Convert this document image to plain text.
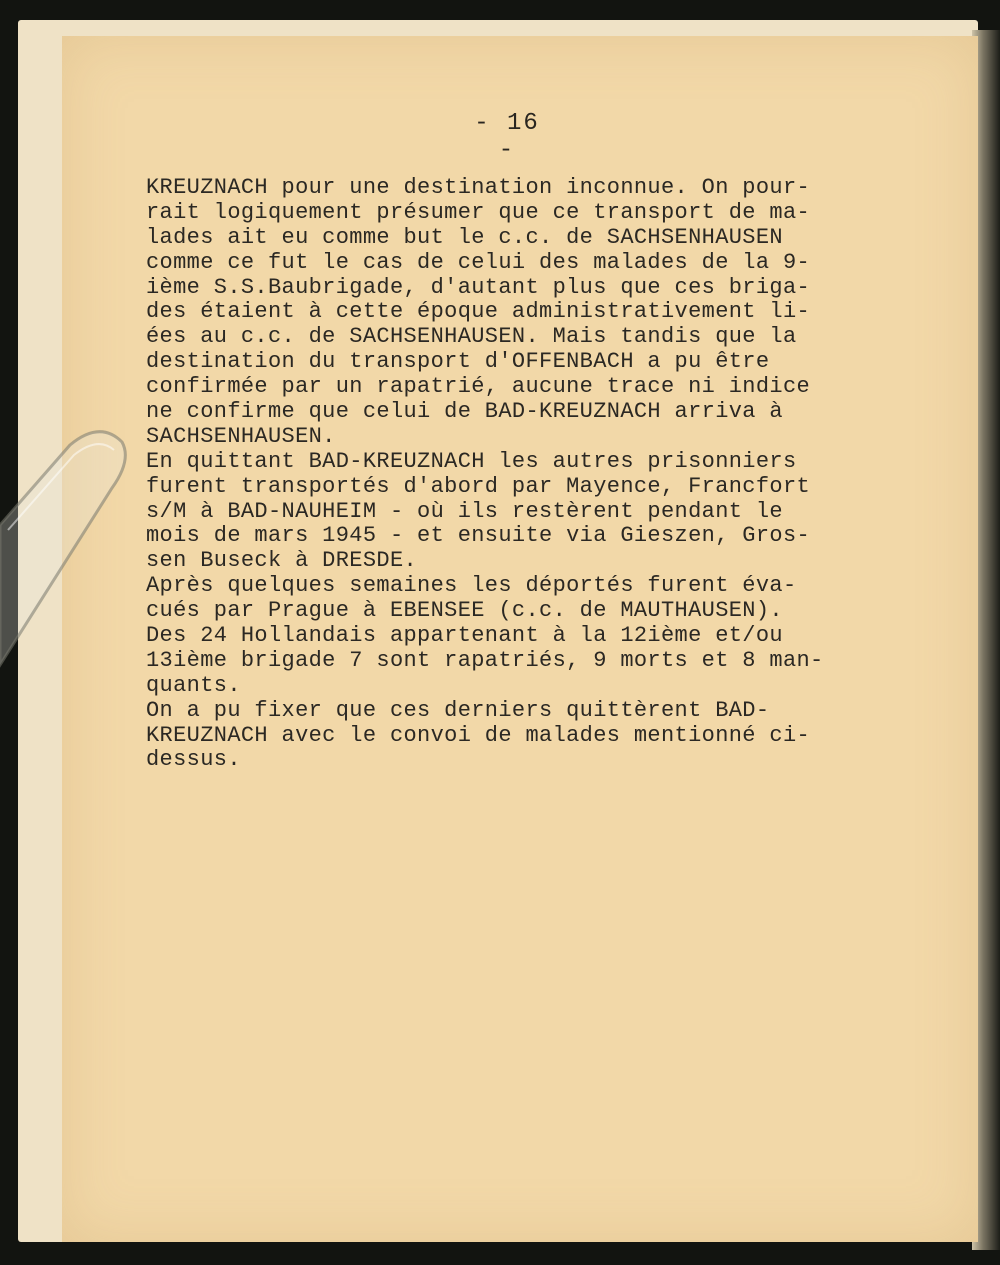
- 16 -
KREUZNACH pour une destination inconnue. On pour-
rait logiquement présumer que ce transport de ma-
lades ait eu comme but le c.c. de SACHSENHAUSEN
comme ce fut le cas de celui des malades de la 9-
ième S.S.Baubrigade, d'autant plus que ces briga-
des étaient à cette époque administrativement li-
ées au c.c. de SACHSENHAUSEN. Mais tandis que la
destination du transport d'OFFENBACH a pu être
confirmée par un rapatrié, aucune trace ni indice
ne confirme que celui de BAD-KREUZNACH arriva à
SACHSENHAUSEN.
En quittant BAD-KREUZNACH les autres prisonniers
furent transportés d'abord par Mayence, Francfort
s/M à BAD-NAUHEIM - où ils restèrent pendant le
mois de mars 1945 - et ensuite via Gieszen, Gros-
sen Buseck à DRESDE.
Après quelques semaines les déportés furent éva-
cués par Prague à EBENSEE (c.c. de MAUTHAUSEN).
Des 24 Hollandais appartenant à la 12ième et/ou
13ième brigade 7 sont rapatriés, 9 morts et 8 man-
quants.
On a pu fixer que ces derniers quittèrent BAD-
KREUZNACH avec le convoi de malades mentionné ci-
dessus.
